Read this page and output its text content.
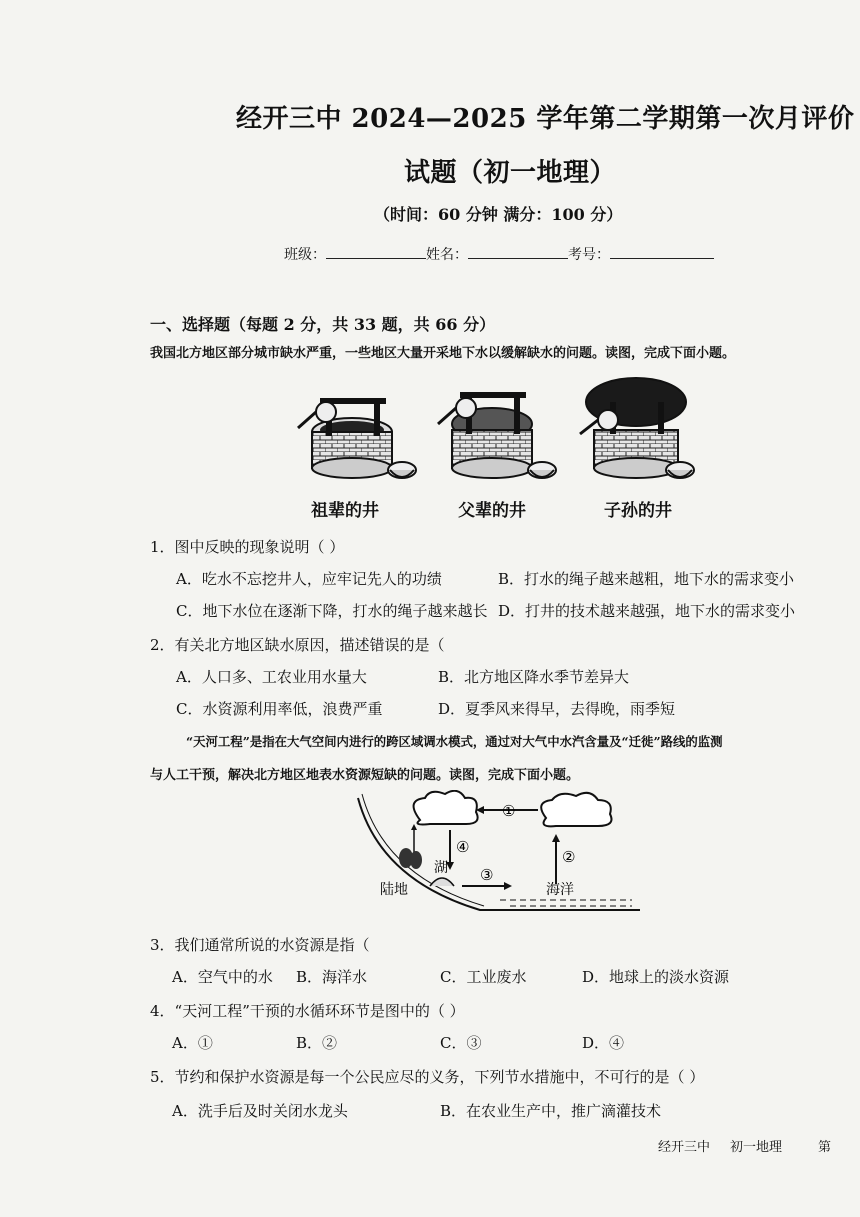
经开三中 2024—2025 学年第二学期第一次月评价
试题（初一地理）
（时间：60 分钟 满分：100 分）
班级：	姓名：	考号：
一、选择题（每题 2 分，共 33 题，共 66 分）
我国北方地区部分城市缺水严重，一些地区大量开采地下水以缓解缺水的问题。读图，完成下面小题。
祖辈的井	父辈的井	子孙的井
1．图中反映的现象说明（ ）
A．吃水不忘挖井人，应牢记先人的功绩	B．打水的绳子越来越粗，地下水的需求变小
C．地下水位在逐渐下降，打水的绳子越来越长 D．打井的技术越来越强，地下水的需求变小
2．有关北方地区缺水原因，描述错误的是（
A．人口多、工农业用水量大	B．北方地区降水季节差异大
C．水资源利用率低，浪费严重	D．夏季风来得早，去得晚，雨季短
“天河工程”是指在大气空间内进行的跨区域调水模式，通过对大气中水汽含量及“迁徙”路线的监测
与人工干预，解决北方地区地表水资源短缺的问题。读图，完成下面小题。
陆地
湖
海洋
①
②
③
④
3．我们通常所说的水资源是指（
A．空气中的水 B．海洋水	C．工业废水	D．地球上的淡水资源
4．“天河工程”干预的水循环环节是图中的（ ）
A．①	B．②	C．③	D．④
5．节约和保护水资源是每一个公民应尽的义务，下列节水措施中，不可行的是（ ）
A．洗手后及时关闭水龙头	B．在农业生产中，推广滴灌技术
经开三中 初一地理	第
